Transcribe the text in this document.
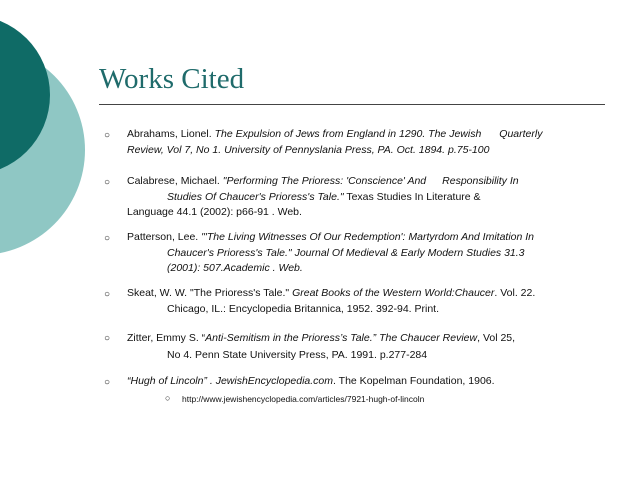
Works Cited
○ Abrahams, Lionel. The Expulsion of Jews from England in 1290. The Jewish Quarterly
Review, Vol 7, No 1. University of Pennyslania Press, PA. Oct. 1894. p.75-100
○ Calabrese, Michael. "Performing The Prioress: 'Conscience' And Responsibility In
Studies Of Chaucer's Prioress's Tale." Texas Studies In Literature &
Language 44.1 (2002): p66-91 . Web.
○ Patterson, Lee. "'The Living Witnesses Of Our Redemption': Martyrdom And Imitation In
Chaucer's Prioress's Tale." Journal Of Medieval & Early Modern Studies 31.3
(2001): 507.Academic . Web.
○ Skeat, W. W. "The Prioress's Tale." Great Books of the Western World:Chaucer. Vol. 22.
Chicago, IL.: Encyclopedia Britannica, 1952. 392-94. Print.
○ Zitter, Emmy S. “Anti-Semitism in the Prioress’s Tale.” The Chaucer Review, Vol 25,
No 4. Penn State University Press, PA. 1991. p.277-284
○ “Hugh of Lincoln” . JewishEncyclopedia.com. The Kopelman Foundation, 1906.
○ http://www.jewishencyclopedia.com/articles/7921-hugh-of-lincoln
